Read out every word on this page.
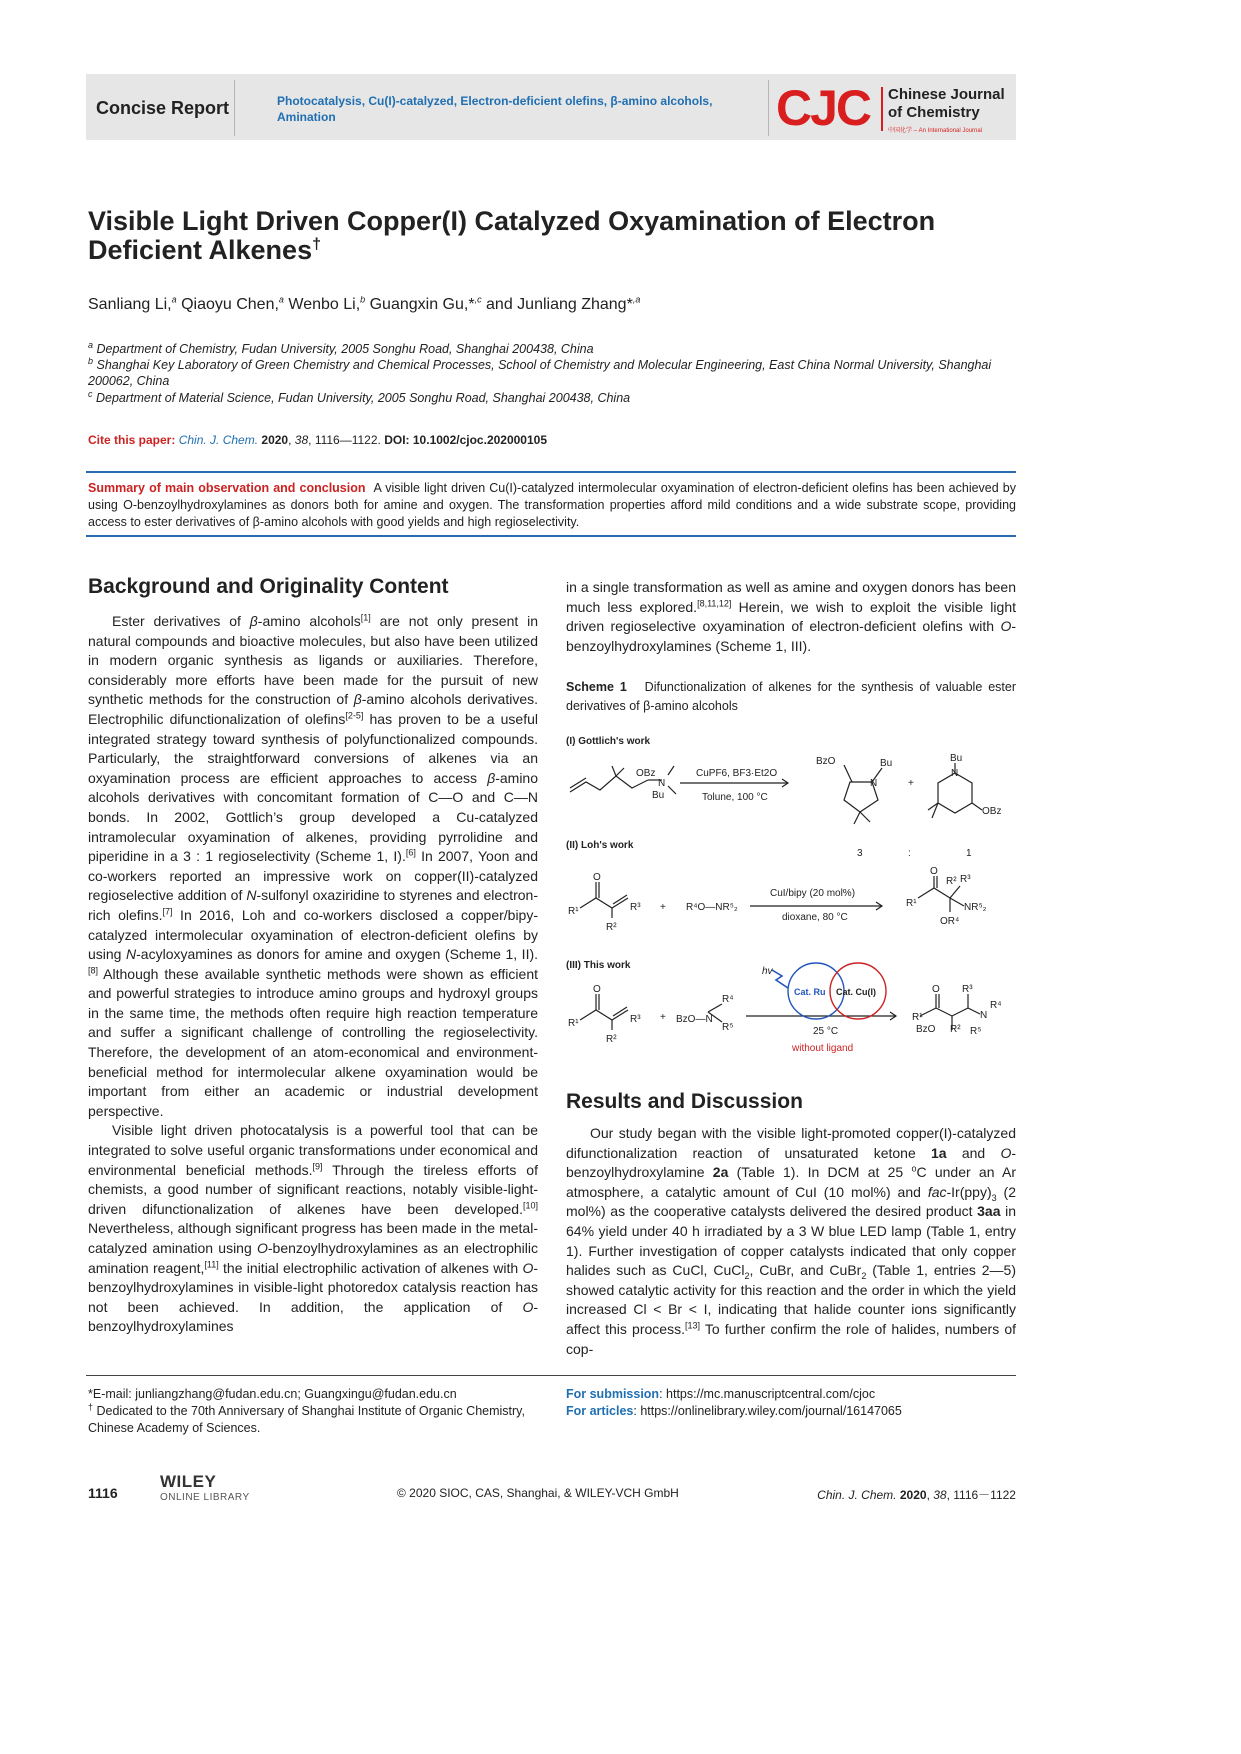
Concise Report	Photocatalysis, Cu(I)-catalyzed, Electron-deficient olefins, β-amino alcohols, Amination	CJC Chinese Journal of Chemistry
中国化学 – An International Journal
Visible Light Driven Copper(I) Catalyzed Oxyamination of Electron Deficient Alkenes†
Sanliang Li,$^a$ Qiaoyu Chen,$^a$ Wenbo Li,$^b$ Guangxin Gu,*$^{,c}$ and Junliang Zhang*$^{,a}$
$^a$ Department of Chemistry, Fudan University, 2005 Songhu Road, Shanghai 200438, China
$^b$ Shanghai Key Laboratory of Green Chemistry and Chemical Processes, School of Chemistry and Molecular Engineering, East China Normal University, Shanghai 200062, China
$^c$ Department of Material Science, Fudan University, 2005 Songhu Road, Shanghai 200438, China
Cite this paper: Chin. J. Chem. 2020, 38, 1116—1122. DOI: 10.1002/cjoc.202000105
Summary of main observation and conclusion A visible light driven Cu(I)-catalyzed intermolecular oxyamination of electron-deficient olefins has been achieved by using O-benzoylhydroxylamines as donors both for amine and oxygen. The transformation properties afford mild conditions and a wide substrate scope, providing access to ester derivatives of β-amino alcohols with good yields and high regioselectivity.
Background and Originality Content

Ester derivatives of β-amino alcohols[1] are not only present in natural compounds and bioactive molecules, but also have been utilized in modern organic synthesis as ligands or auxiliaries. Therefore, considerably more efforts have been made for the pursuit of new synthetic methods for the construction of β-amino alcohols derivatives. Electrophilic difunctionalization of olefins[2-5] has proven to be a useful integrated strategy toward synthesis of polyfunctionalized compounds. Particularly, the straightforward conversions of alkenes via an oxyamination process are efficient approaches to access β-amino alcohols derivatives with concomitant formation of C—O and C—N bonds. In 2002, Gottlich’s group developed a Cu-catalyzed intramolecular oxyamination of alkenes, providing pyrrolidine and piperidine in a 3 : 1 regioselectivity (Scheme 1, I).[6] In 2007, Yoon and co-workers reported an impressive work on copper(II)-catalyzed regioselective addition of N-sulfonyl oxaziridine to styrenes and electron-rich olefins.[7] In 2016, Loh and co-workers disclosed a copper/bipy-catalyzed intermolecular oxyamination of electron-deficient olefins by using N-acyloxyamines as donors for amine and oxygen (Scheme 1, II).[8] Although these available synthetic methods were shown as efficient and powerful strategies to introduce amino groups and hydroxyl groups in the same time, the methods often require high reaction temperature and suffer a significant challenge of controlling the regioselectivity. Therefore, the development of an atom-economical and environment-beneficial method for intermolecular alkene oxyamination would be important from either an academic or industrial development perspective.

Visible light driven photocatalysis is a powerful tool that can be integrated to solve useful organic transformations under economical and environmental beneficial methods.[9] Through the tireless efforts of chemists, a good number of significant reactions, notably visible-light-driven difunctionalization of alkenes have been developed.[10] Nevertheless, although significant progress has been made in the metal-catalyzed amination using O-benzoylhydroxylamines as an electrophilic amination reagent,[11] the initial electrophilic activation of alkenes with O-benzoylhydroxylamines in visible-light photoredox catalysis reaction has not been achieved. In addition, the application of O-benzoylhydroxylamines

in a single transformation as well as amine and oxygen donors has been much less explored.[8,11,12] Herein, we wish to exploit the visible light driven regioselective oxyamination of electron-deficient olefins with O-benzoylhydroxylamines (Scheme 1, III).

Scheme 1 Difunctionalization of alkenes for the synthesis of valuable ester derivatives of β-amino alcohols
(I) Gottlich's work
OBz
N
Bu
CuPF6, BF3·Et2O
Tolune, 100 °C
BzO
N
Bu
+
Bu
N
OBz
3	:	1
(II) Loh's work
O
R¹	R³
R²
+ R⁴O—NR⁵₂
CuI/bipy (20 mol%)
dioxane, 80 °C
O
R¹
R² R³
NR⁵₂
OR⁴
(III) This work
hv
Cat. Ru Cat. Cu(I)
O
R¹	R³
R²
+ BzO—N
R⁴
R⁵	25 °C
without ligand
O
R¹
BzO R²
R³
N
R⁴
R⁵
Results and Discussion

Our study began with the visible light-promoted copper(I)-catalyzed difunctionalization reaction of unsaturated ketone 1a and O-benzoylhydroxylamine 2a (Table 1). In DCM at 25 $^o$C under an Ar atmosphere, a catalytic amount of CuI (10 mol%) and fac-$Ir(ppy)_3$ (2 mol%) as the cooperative catalysts delivered the desired product 3aa in 64% yield under 40 h irradiated by a 3 W blue LED lamp (Table 1, entry 1). Further investigation of copper catalysts indicated that only copper halides such as CuCl, CuCl$_2$, CuBr, and CuBr$_2$ (Table 1, entries 2—5) showed catalytic activity for this reaction and the order in which the yield increased Cl < Br < I, indicating that halide counter ions significantly affect this process.[13] To further confirm the role of halides, numbers of cop-

*E-mail: junliangzhang@fudan.edu.cn; Guangxingu@fudan.edu.cn
† Dedicated to the 70th Anniversary of Shanghai Institute of Organic Chemistry, Chinese Academy of Sciences.
For submission: https://mc.manuscriptcentral.com/cjoc
For articles: https://onlinelibrary.wiley.com/journal/16147065
1116
WILEY
ONLINE LIBRARY	© 2020 SIOC, CAS, Shanghai, & WILEY-VCH GmbH	Chin. J. Chem. 2020, 38, 1116－1122
